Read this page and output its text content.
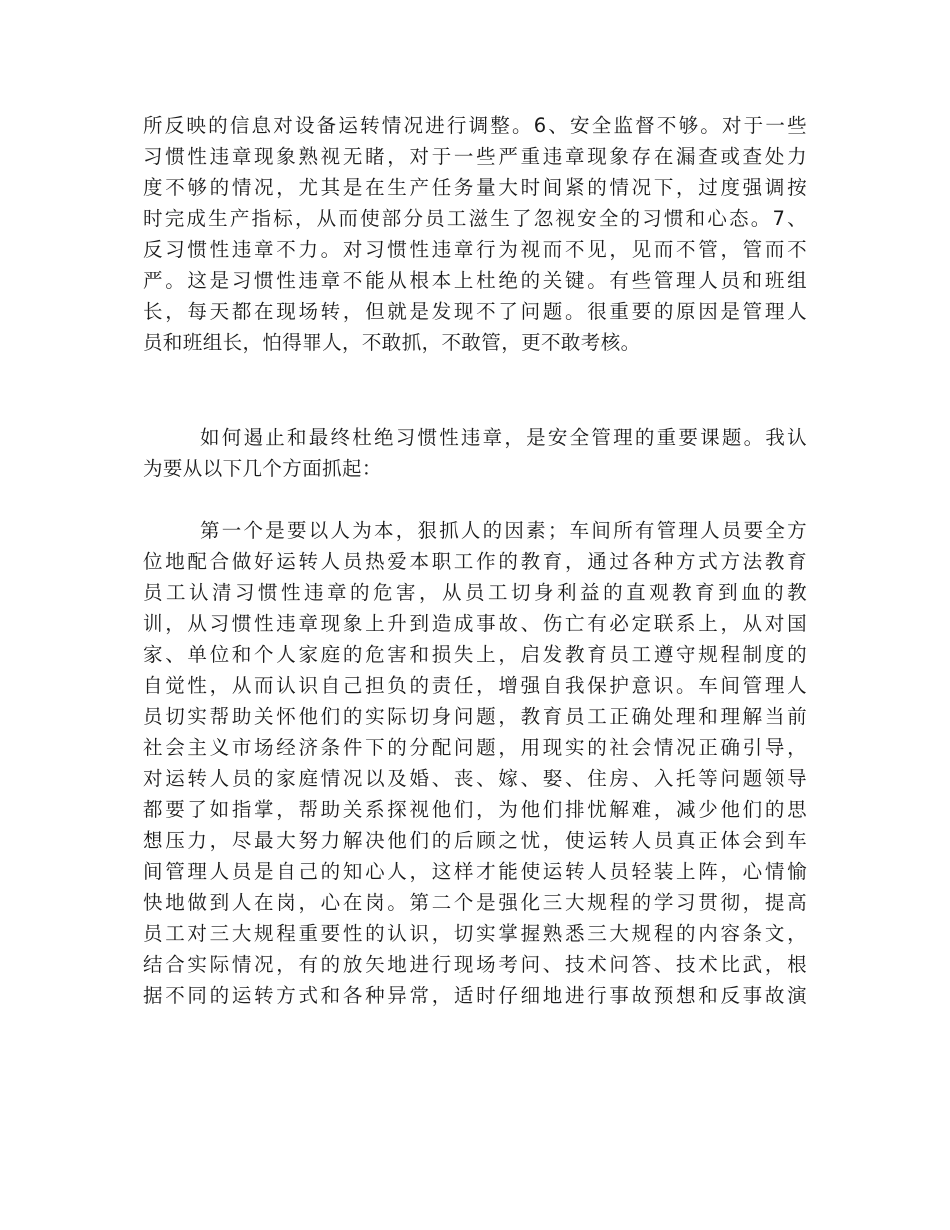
所反映的信息对设备运转情况进行调整。6、安全监督不够。对于一些
习惯性违章现象熟视无睹，对于一些严重违章现象存在漏查或查处力
度不够的情况，尤其是在生产任务量大时间紧的情况下，过度强调按
时完成生产指标，从而使部分员工滋生了忽视安全的习惯和心态。7、
反习惯性违章不力。对习惯性违章行为视而不见，见而不管，管而不
严。这是习惯性违章不能从根本上杜绝的关键。有些管理人员和班组
长，每天都在现场转，但就是发现不了问题。很重要的原因是管理人
员和班组长，怕得罪人，不敢抓，不敢管，更不敢考核。
如何遏止和最终杜绝习惯性违章，是安全管理的重要课题。我认
为要从以下几个方面抓起：
第一个是要以人为本，狠抓人的因素；车间所有管理人员要全方
位地配合做好运转人员热爱本职工作的教育，通过各种方式方法教育
员工认清习惯性违章的危害，从员工切身利益的直观教育到血的教
训，从习惯性违章现象上升到造成事故、伤亡有必定联系上，从对国
家、单位和个人家庭的危害和损失上，启发教育员工遵守规程制度的
自觉性，从而认识自己担负的责任，增强自我保护意识。车间管理人
员切实帮助关怀他们的实际切身问题，教育员工正确处理和理解当前
社会主义市场经济条件下的分配问题，用现实的社会情况正确引导，
对运转人员的家庭情况以及婚、丧、嫁、娶、住房、入托等问题领导
都要了如指掌，帮助关系探视他们，为他们排忧解难，减少他们的思
想压力，尽最大努力解决他们的后顾之忧，使运转人员真正体会到车
间管理人员是自己的知心人，这样才能使运转人员轻装上阵，心情愉
快地做到人在岗，心在岗。第二个是强化三大规程的学习贯彻，提高
员工对三大规程重要性的认识，切实掌握熟悉三大规程的内容条文，
结合实际情况，有的放矢地进行现场考问、技术问答、技术比武，根
据不同的运转方式和各种异常，适时仔细地进行事故预想和反事故演
